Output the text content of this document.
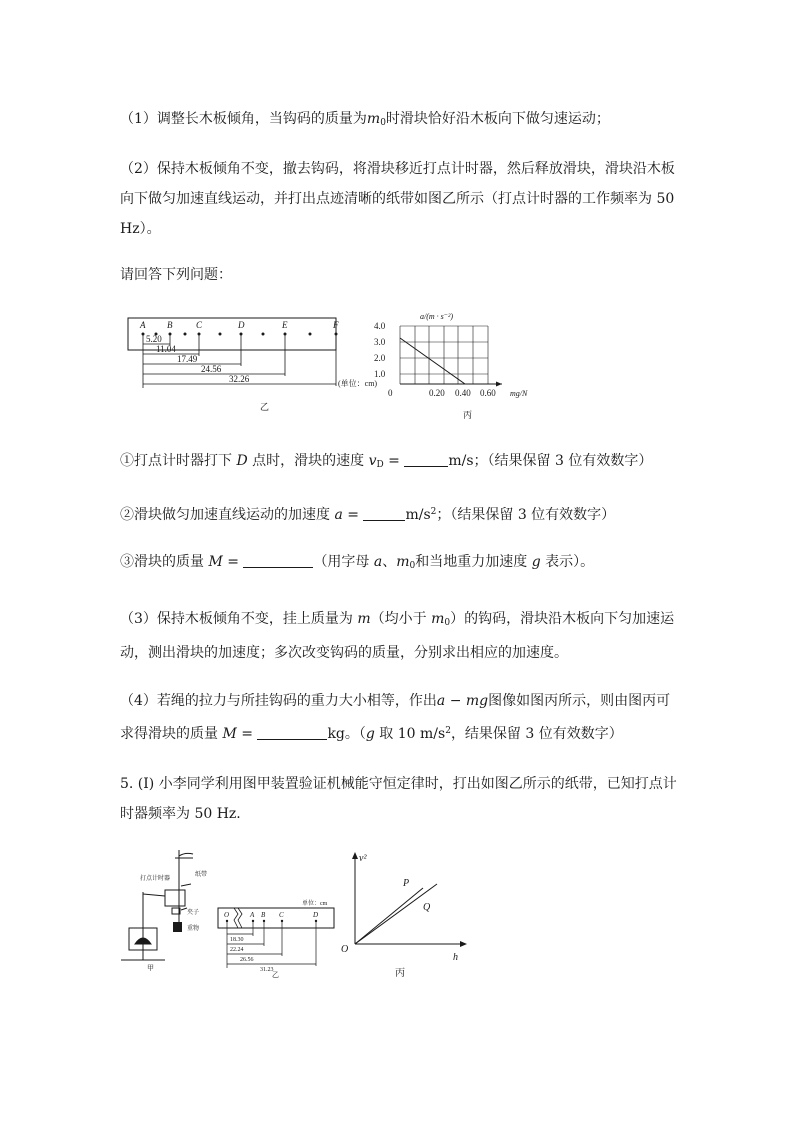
（1）调整长木板倾角，当钩码的质量为$m_0$时滑块恰好沿木板向下做匀速运动；

（2）保持木板倾角不变，撤去钩码，将滑块移近打点计时器，然后释放滑块，滑块沿木板向下做匀加速直线运动，并打出点迹清晰的纸带如图乙所示（打点计时器的工作频率为 50 Hz）。

请回答下列问题：

A B	C	D	E	F
5.20
11.04
17.49
24.56
32.26	(单位：cm)
乙
a/(m · s⁻²)
4.0
3.0
2.0
1.0
0	0.20 0.40 0.60 mg/N
丙

①打点计时器打下 D 点时，滑块的速度 $v_D$ =	m/s；（结果保留 3 位有效数字）

②滑块做匀加速直线运动的加速度 a =	$m/s^2$；（结果保留 3 位有效数字）

③滑块的质量 M =	（用字母 a、$m_0$和当地重力加速度 g 表示）。

（3）保持木板倾角不变，挂上质量为 m（均小于 $m_0$）的钩码，滑块沿木板向下匀加速运动，测出滑块的加速度；多次改变钩码的质量，分别求出相应的加速度。

（4）若绳的拉力与所挂钩码的重力大小相等，作出a − mg图像如图丙所示，则由图丙可求得滑块的质量 M =	kg。（g 取 10 $m/s^2$，结果保留 3 位有效数字）

5. (Ⅰ) 小李同学利用图甲装置验证机械能守恒定律时，打出如图乙所示的纸带，已知打点计时器频率为 50 Hz.

打点计时器
纸带
夹子
重物
甲
单位：cm
O	A B C	D
18.30
22.24
26.56
31.23
乙
v²
h
O
P
Q
丙
